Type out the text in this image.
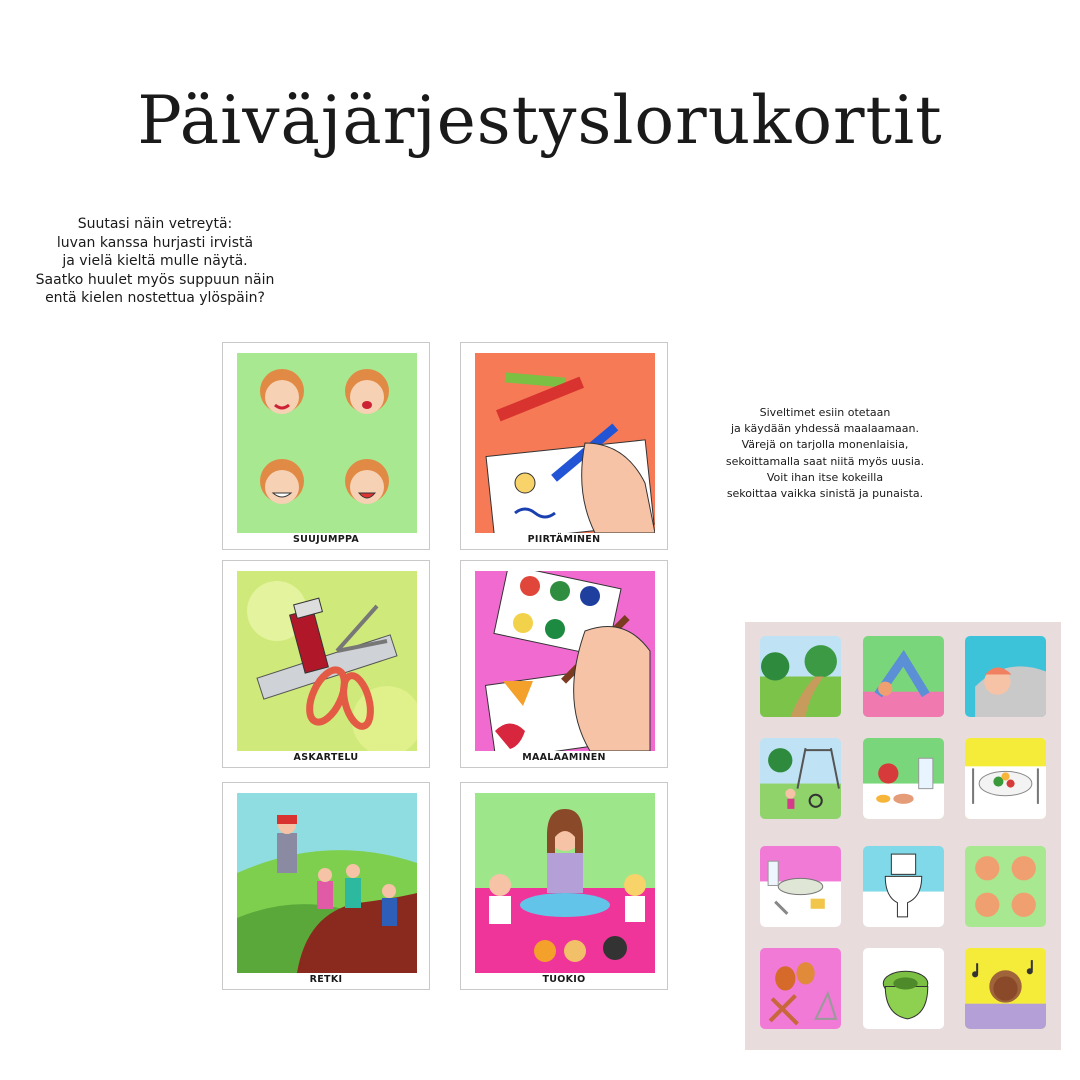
Päiväjärjestyslorukortit
Suutasi näin vetreytä:
luvan kanssa hurjasti irvistä
ja vielä kieltä mulle näytä.
Saatko huulet myös suppuun näin
entä kielen nostettua ylöspäin?
Siveltimet esiin otetaan
ja käydään yhdessä maalaamaan.
Värejä on tarjolla monenlaisia,
sekoittamalla saat niitä myös uusia.
Voit ihan itse kokeilla
sekoittaa vaikka sinistä ja punaista.
SUUJUMPPA	PIIRTÄMINEN
ASKARTELU	MAALAAMINEN
RETKI	TUOKIO
